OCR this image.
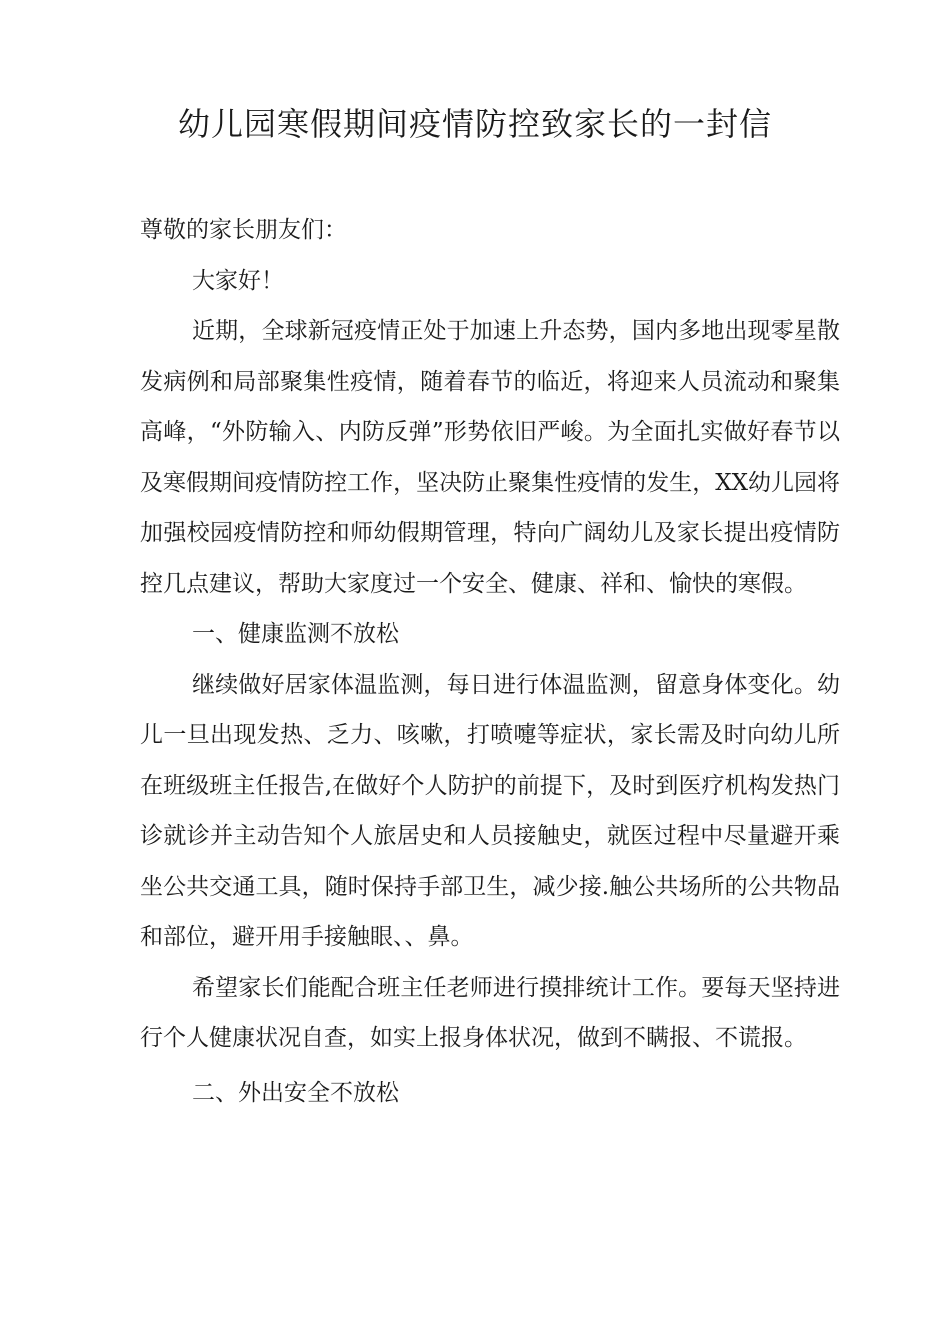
幼儿园寒假期间疫情防控致家长的一封信

尊敬的家长朋友们：

大家好！

近期，全球新冠疫情正处于加速上升态势，国内多地出现零星散发病例和局部聚集性疫情，随着春节的临近，将迎来人员流动和聚集高峰，“外防输入、内防反弹”形势依旧严峻。为全面扎实做好春节以及寒假期间疫情防控工作，坚决防止聚集性疫情的发生，XX幼儿园将加强校园疫情防控和师幼假期管理，特向广阔幼儿及家长提出疫情防控几点建议，帮助大家度过一个安全、健康、祥和、愉快的寒假。

一、健康监测不放松

继续做好居家体温监测，每日进行体温监测，留意身体变化。幼儿一旦出现发热、乏力、咳嗽，打喷嚏等症状，家长需及时向幼儿所在班级班主任报告,在做好个人防护的前提下，及时到医疗机构发热门诊就诊并主动告知个人旅居史和人员接触史，就医过程中尽量避开乘坐公共交通工具，随时保持手部卫生，减少接.触公共场所的公共物品和部位，避开用手接触眼、、鼻。

希望家长们能配合班主任老师进行摸排统计工作。要每天坚持进行个人健康状况自查，如实上报身体状况，做到不瞒报、不谎报。

二、外出安全不放松
